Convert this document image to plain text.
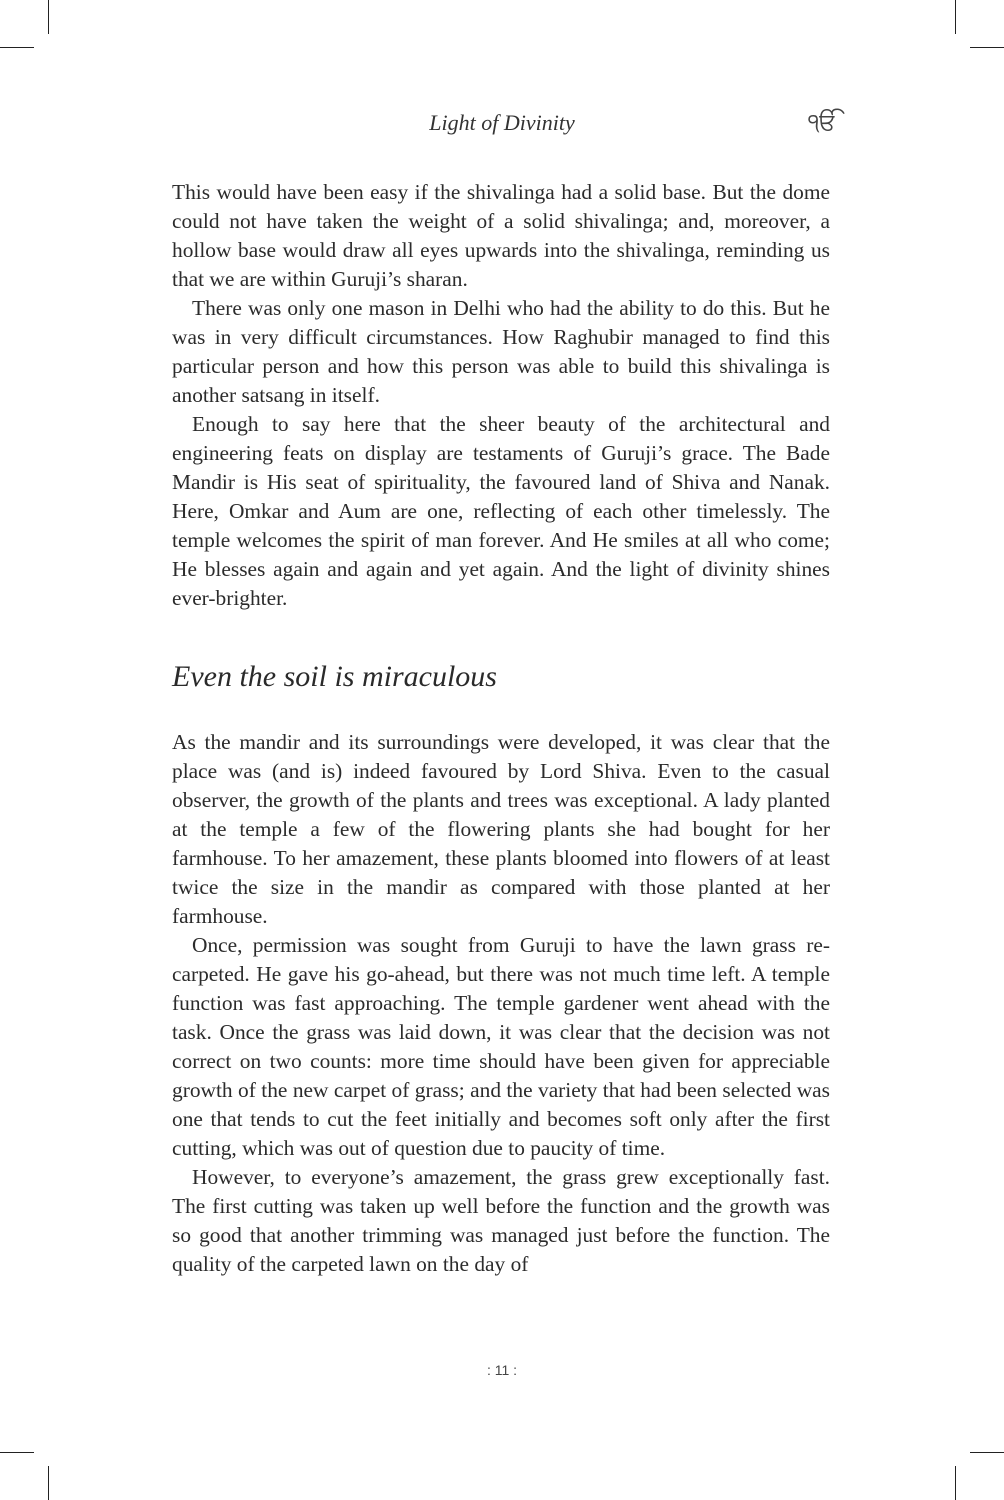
Light of Divinity	ੴ

This would have been easy if the shivalinga had a solid base. But the dome could not have taken the weight of a solid shivalinga; and, moreover, a hollow base would draw all eyes upwards into the shivalinga, reminding us that we are within Guruji’s sharan.

There was only one mason in Delhi who had the ability to do this. But he was in very difficult circumstances. How Raghubir managed to find this particular person and how this person was able to build this shivalinga is another satsang in itself.

Enough to say here that the sheer beauty of the architectural and engineering feats on display are testaments of Guruji’s grace. The Bade Mandir is His seat of spirituality, the favoured land of Shiva and Nanak. Here, Omkar and Aum are one, reflecting of each other timelessly. The temple welcomes the spirit of man forever. And He smiles at all who come; He blesses again and again and yet again. And the light of divinity shines ever-brighter.

Even the soil is miraculous

As the mandir and its surroundings were developed, it was clear that the place was (and is) indeed favoured by Lord Shiva. Even to the casual observer, the growth of the plants and trees was exceptional. A lady planted at the temple a few of the flowering plants she had bought for her farmhouse. To her amazement, these plants bloomed into flowers of at least twice the size in the mandir as compared with those planted at her farmhouse.

Once, permission was sought from Guruji to have the lawn grass re-carpeted. He gave his go-ahead, but there was not much time left. A temple function was fast approaching. The temple gardener went ahead with the task. Once the grass was laid down, it was clear that the decision was not correct on two counts: more time should have been given for appreciable growth of the new carpet of grass; and the variety that had been selected was one that tends to cut the feet initially and becomes soft only after the first cutting, which was out of question due to paucity of time.

However, to everyone’s amazement, the grass grew exceptionally fast. The first cutting was taken up well before the function and the growth was so good that another trimming was managed just before the function. The quality of the carpeted lawn on the day of

: 11 :
